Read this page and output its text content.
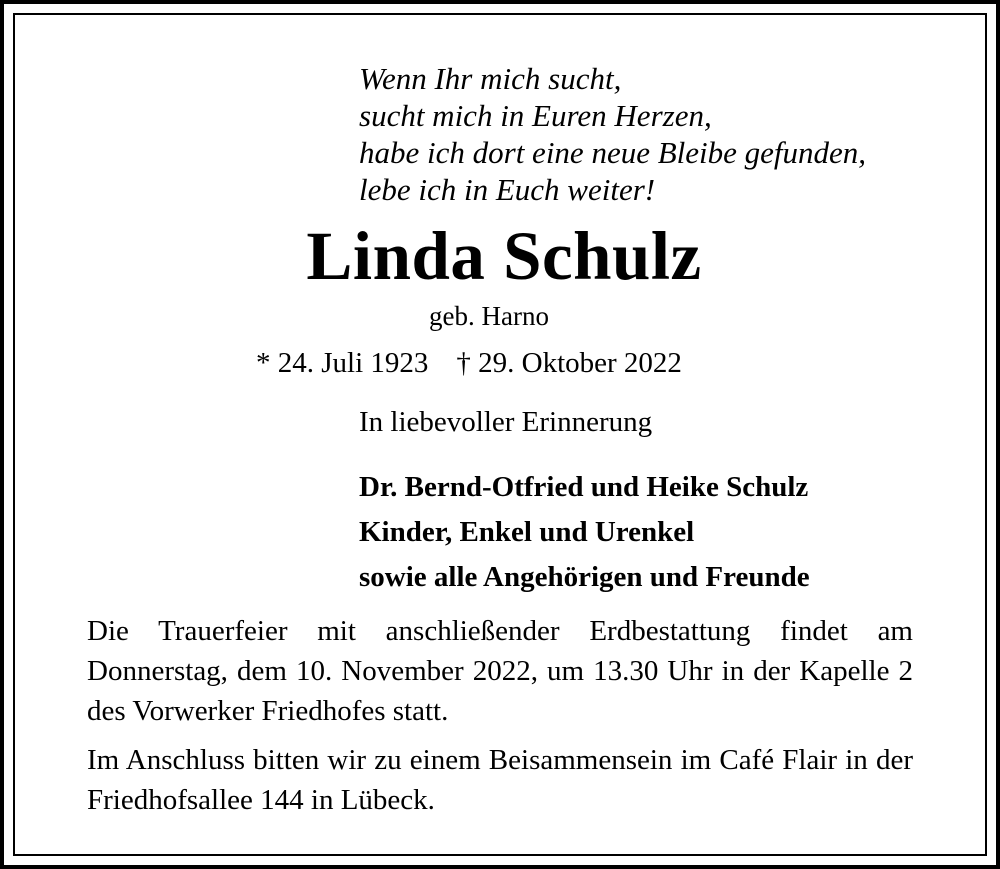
Wenn Ihr mich sucht,
sucht mich in Euren Herzen,
habe ich dort eine neue Bleibe gefunden,
lebe ich in Euch weiter!
Linda Schulz
geb. Harno
* 24. Juli 1923 † 29. Oktober 2022
In liebevoller Erinnerung
Dr. Bernd-Otfried und Heike Schulz
Kinder, Enkel und Urenkel
sowie alle Angehörigen und Freunde
Die Trauerfeier mit anschließender Erdbestattung findet am Donnerstag, dem 10. November 2022, um 13.30 Uhr in der Kapelle 2 des Vorwerker Friedhofes statt.
Im Anschluss bitten wir zu einem Beisammensein im Café Flair in der Friedhofsallee 144 in Lübeck.
